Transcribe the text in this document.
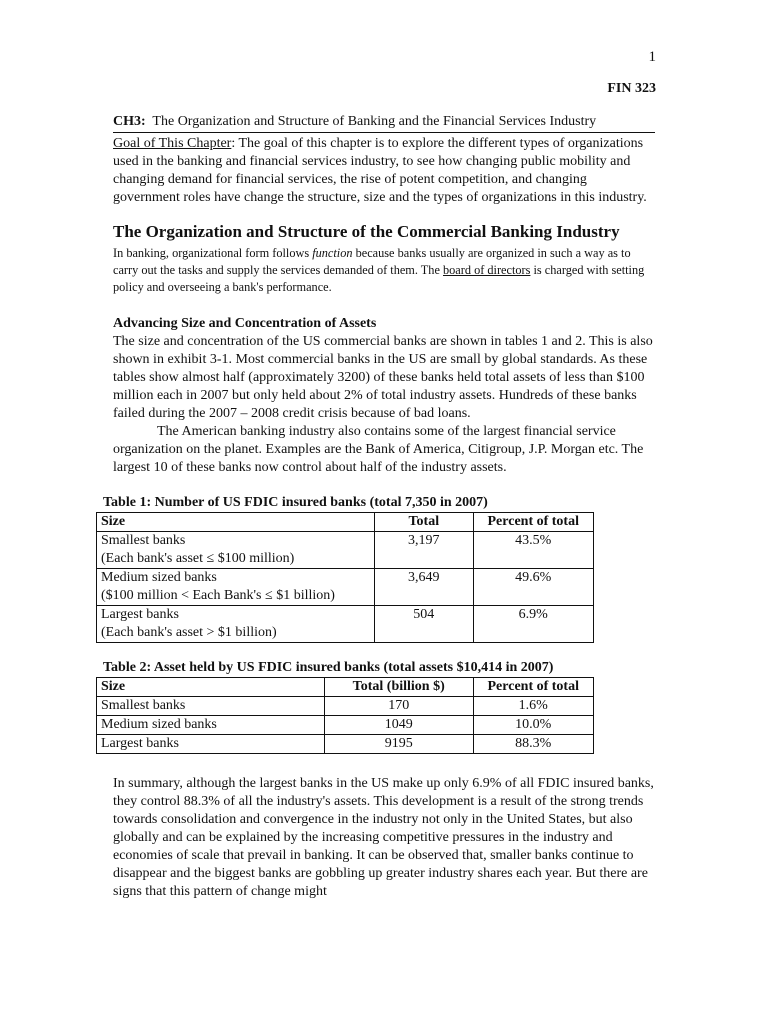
1
FIN 323
CH3: The Organization and Structure of Banking and the Financial Services Industry
Goal of This Chapter: The goal of this chapter is to explore the different types of organizations used in the banking and financial services industry, to see how changing public mobility and changing demand for financial services, the rise of potent competition, and changing government roles have change the structure, size and the types of organizations in this industry.
The Organization and Structure of the Commercial Banking Industry
In banking, organizational form follows function because banks usually are organized in such a way as to carry out the tasks and supply the services demanded of them. The board of directors is charged with setting policy and overseeing a bank's performance.
Advancing Size and Concentration of Assets
The size and concentration of the US commercial banks are shown in tables 1 and 2. This is also shown in exhibit 3-1. Most commercial banks in the US are small by global standards. As these tables show almost half (approximately 3200) of these banks held total assets of less than $100 million each in 2007 but only held about 2% of total industry assets. Hundreds of these banks failed during the 2007 – 2008 credit crisis because of bad loans.
The American banking industry also contains some of the largest financial service organization on the planet. Examples are the Bank of America, Citigroup, J.P. Morgan etc. The largest 10 of these banks now control about half of the industry assets.
Table 1: Number of US FDIC insured banks (total 7,350 in 2007)
Size	Total	Percent of total
Smallest banks
(Each bank's asset ≤ $100 million)	3,197	43.5%
Medium sized banks
($100 million < Each Bank's ≤ $1 billion)	3,649	49.6%
Largest banks
(Each bank's asset > $1 billion)	504	6.9%
Table 2: Asset held by US FDIC insured banks (total assets $10,414 in 2007)
Size	Total (billion $)	Percent of total
Smallest banks	170	1.6%
Medium sized banks	1049	10.0%
Largest banks	9195	88.3%
In summary, although the largest banks in the US make up only 6.9% of all FDIC insured banks, they control 88.3% of all the industry's assets. This development is a result of the strong trends towards consolidation and convergence in the industry not only in the United States, but also globally and can be explained by the increasing competitive pressures in the industry and economies of scale that prevail in banking. It can be observed that, smaller banks continue to disappear and the biggest banks are gobbling up greater industry shares each year. But there are signs that this pattern of change might
